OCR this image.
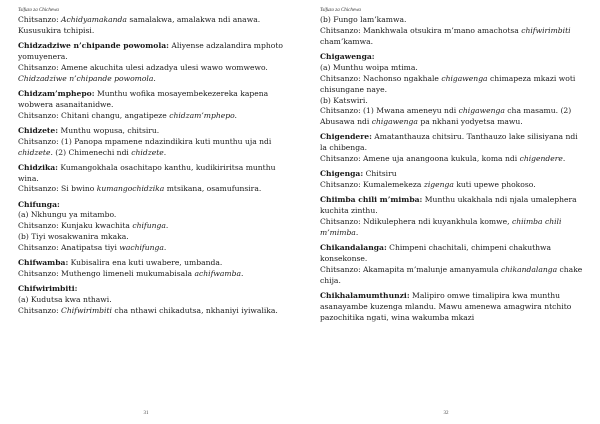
Tsifuzo za Chichewa

Chitsanzo: Achidyamakanda samalakwa, amalakwa ndi anawa. Kususukira tchipisi.

Chidzadziwe n’chipande powomola: Aliyense adzalandira mphoto yomuyenera.

Chitsanzo: Amene akuchita ulesi adzadya ulesi wawo womwewo. Chidzadziwe n’chipande powomola.

Chidzam’mphepo: Munthu wofika mosayembekezereka kapena wobwera asanaitanidwe.

Chitsanzo: Chitani changu, angatipeze chidzam’mphepo.

Chidzete: Munthu wopusa, chitsiru.

Chitsanzo: (1) Panopa mpamene ndazindikira kuti munthu uja ndi chidzete. (2) Chimenechi ndi chidzete.

Chidzika: Kumangokhala osachitapo kanthu, kudikiriritsa munthu wina.

Chitsanzo: Si bwino kumangochidzika mtsikana, osamufunsira.

Chifunga:

(a) Nkhungu ya mitambo.

Chitsanzo: Kunjaku kwachita chifunga.

(b) Tiyi wosakwanira mkaka.

Chitsanzo: Anatipatsa tiyi wachifunga.

Chifwamba: Kubisalira ena kuti uwabere, umbanda.

Chitsanzo: Muthengo limeneli mukumabisala achifwamba.

Chifwirimbiti:

(a) Kudutsa kwa nthawi.

Chitsanzo: Chifwirimbiti cha nthawi chikadutsa, nkhaniyi iyiwalika.

31
Tsifuzo za Chichewa

(b) Fungo lam’kamwa.

Chitsanzo: Mankhwala otsukira m’mano amachotsa chifwirimbiti cham’kamwa.

Chigawenga:

(a) Munthu woipa mtima.

Chitsanzo: Nachonso ngakhale chigawenga chimapeza mkazi woti chisungane naye.

(b) Katswiri.

Chitsanzo: (1) Mwana ameneyu ndi chigawenga cha masamu. (2) Abusawa ndi chigawenga pa nkhani yodyetsa mawu.

Chigendere: Amatanthauza chitsiru. Tanthauzo lake silisiyana ndi la chibenga.

Chitsanzo: Amene uja anangoona kukula, koma ndi chigendere.

Chigenga: Chitsiru

Chitsanzo: Kumalemekeza zigenga kuti upewe phokoso.

Chiimba chili m’mimba: Munthu ukakhala ndi njala umalephera kuchita zinthu.

Chitsanzo: Ndikulephera ndi kuyankhula komwe, chiimba chili m’mimba.

Chikandalanga: Chimpeni chachitali, chimpeni chakuthwa konsekonse.

Chitsanzo: Akamapita m’malunje amanyamula chikandalanga chake chija.

Chikhalamumthunzi: Malipiro omwe timalipira kwa munthu asanayambe kuzenga mlandu. Mawu amenewa amagwira ntchito pazochitika ngati, wina wakumba mkazi

32
